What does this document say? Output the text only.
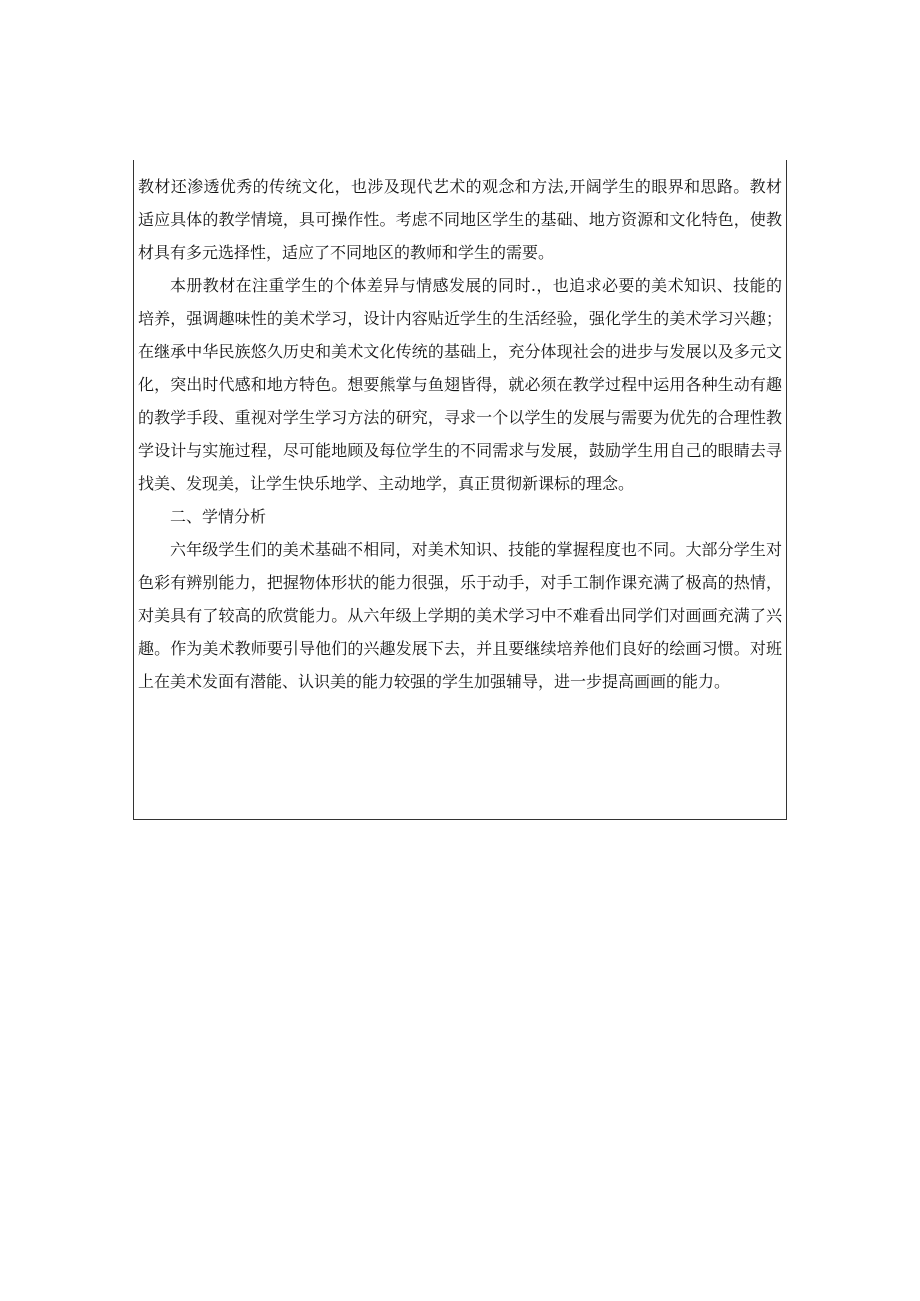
教材还渗透优秀的传统文化，也涉及现代艺术的观念和方法,开阔学生的眼界和思路。教材适应具体的教学情境，具可操作性。考虑不同地区学生的基础、地方资源和文化特色，使教材具有多元选择性，适应了不同地区的教师和学生的需要。

本册教材在注重学生的个体差异与情感发展的同时.，也追求必要的美术知识、技能的培养，强调趣味性的美术学习，设计内容贴近学生的生活经验，强化学生的美术学习兴趣；在继承中华民族悠久历史和美术文化传统的基础上，充分体现社会的进步与发展以及多元文化，突出时代感和地方特色。想要熊掌与鱼翅皆得，就必须在教学过程中运用各种生动有趣的教学手段、重视对学生学习方法的研究，寻求一个以学生的发展与需要为优先的合理性教学设计与实施过程，尽可能地顾及每位学生的不同需求与发展，鼓励学生用自己的眼睛去寻找美、发现美，让学生快乐地学、主动地学，真正贯彻新课标的理念。

二、学情分析

六年级学生们的美术基础不相同，对美术知识、技能的掌握程度也不同。大部分学生对色彩有辨别能力，把握物体形状的能力很强，乐于动手，对手工制作课充满了极高的热情，对美具有了较高的欣赏能力。从六年级上学期的美术学习中不难看出同学们对画画充满了兴趣。作为美术教师要引导他们的兴趣发展下去，并且要继续培养他们良好的绘画习惯。对班上在美术发面有潜能、认识美的能力较强的学生加强辅导，进一步提高画画的能力。
